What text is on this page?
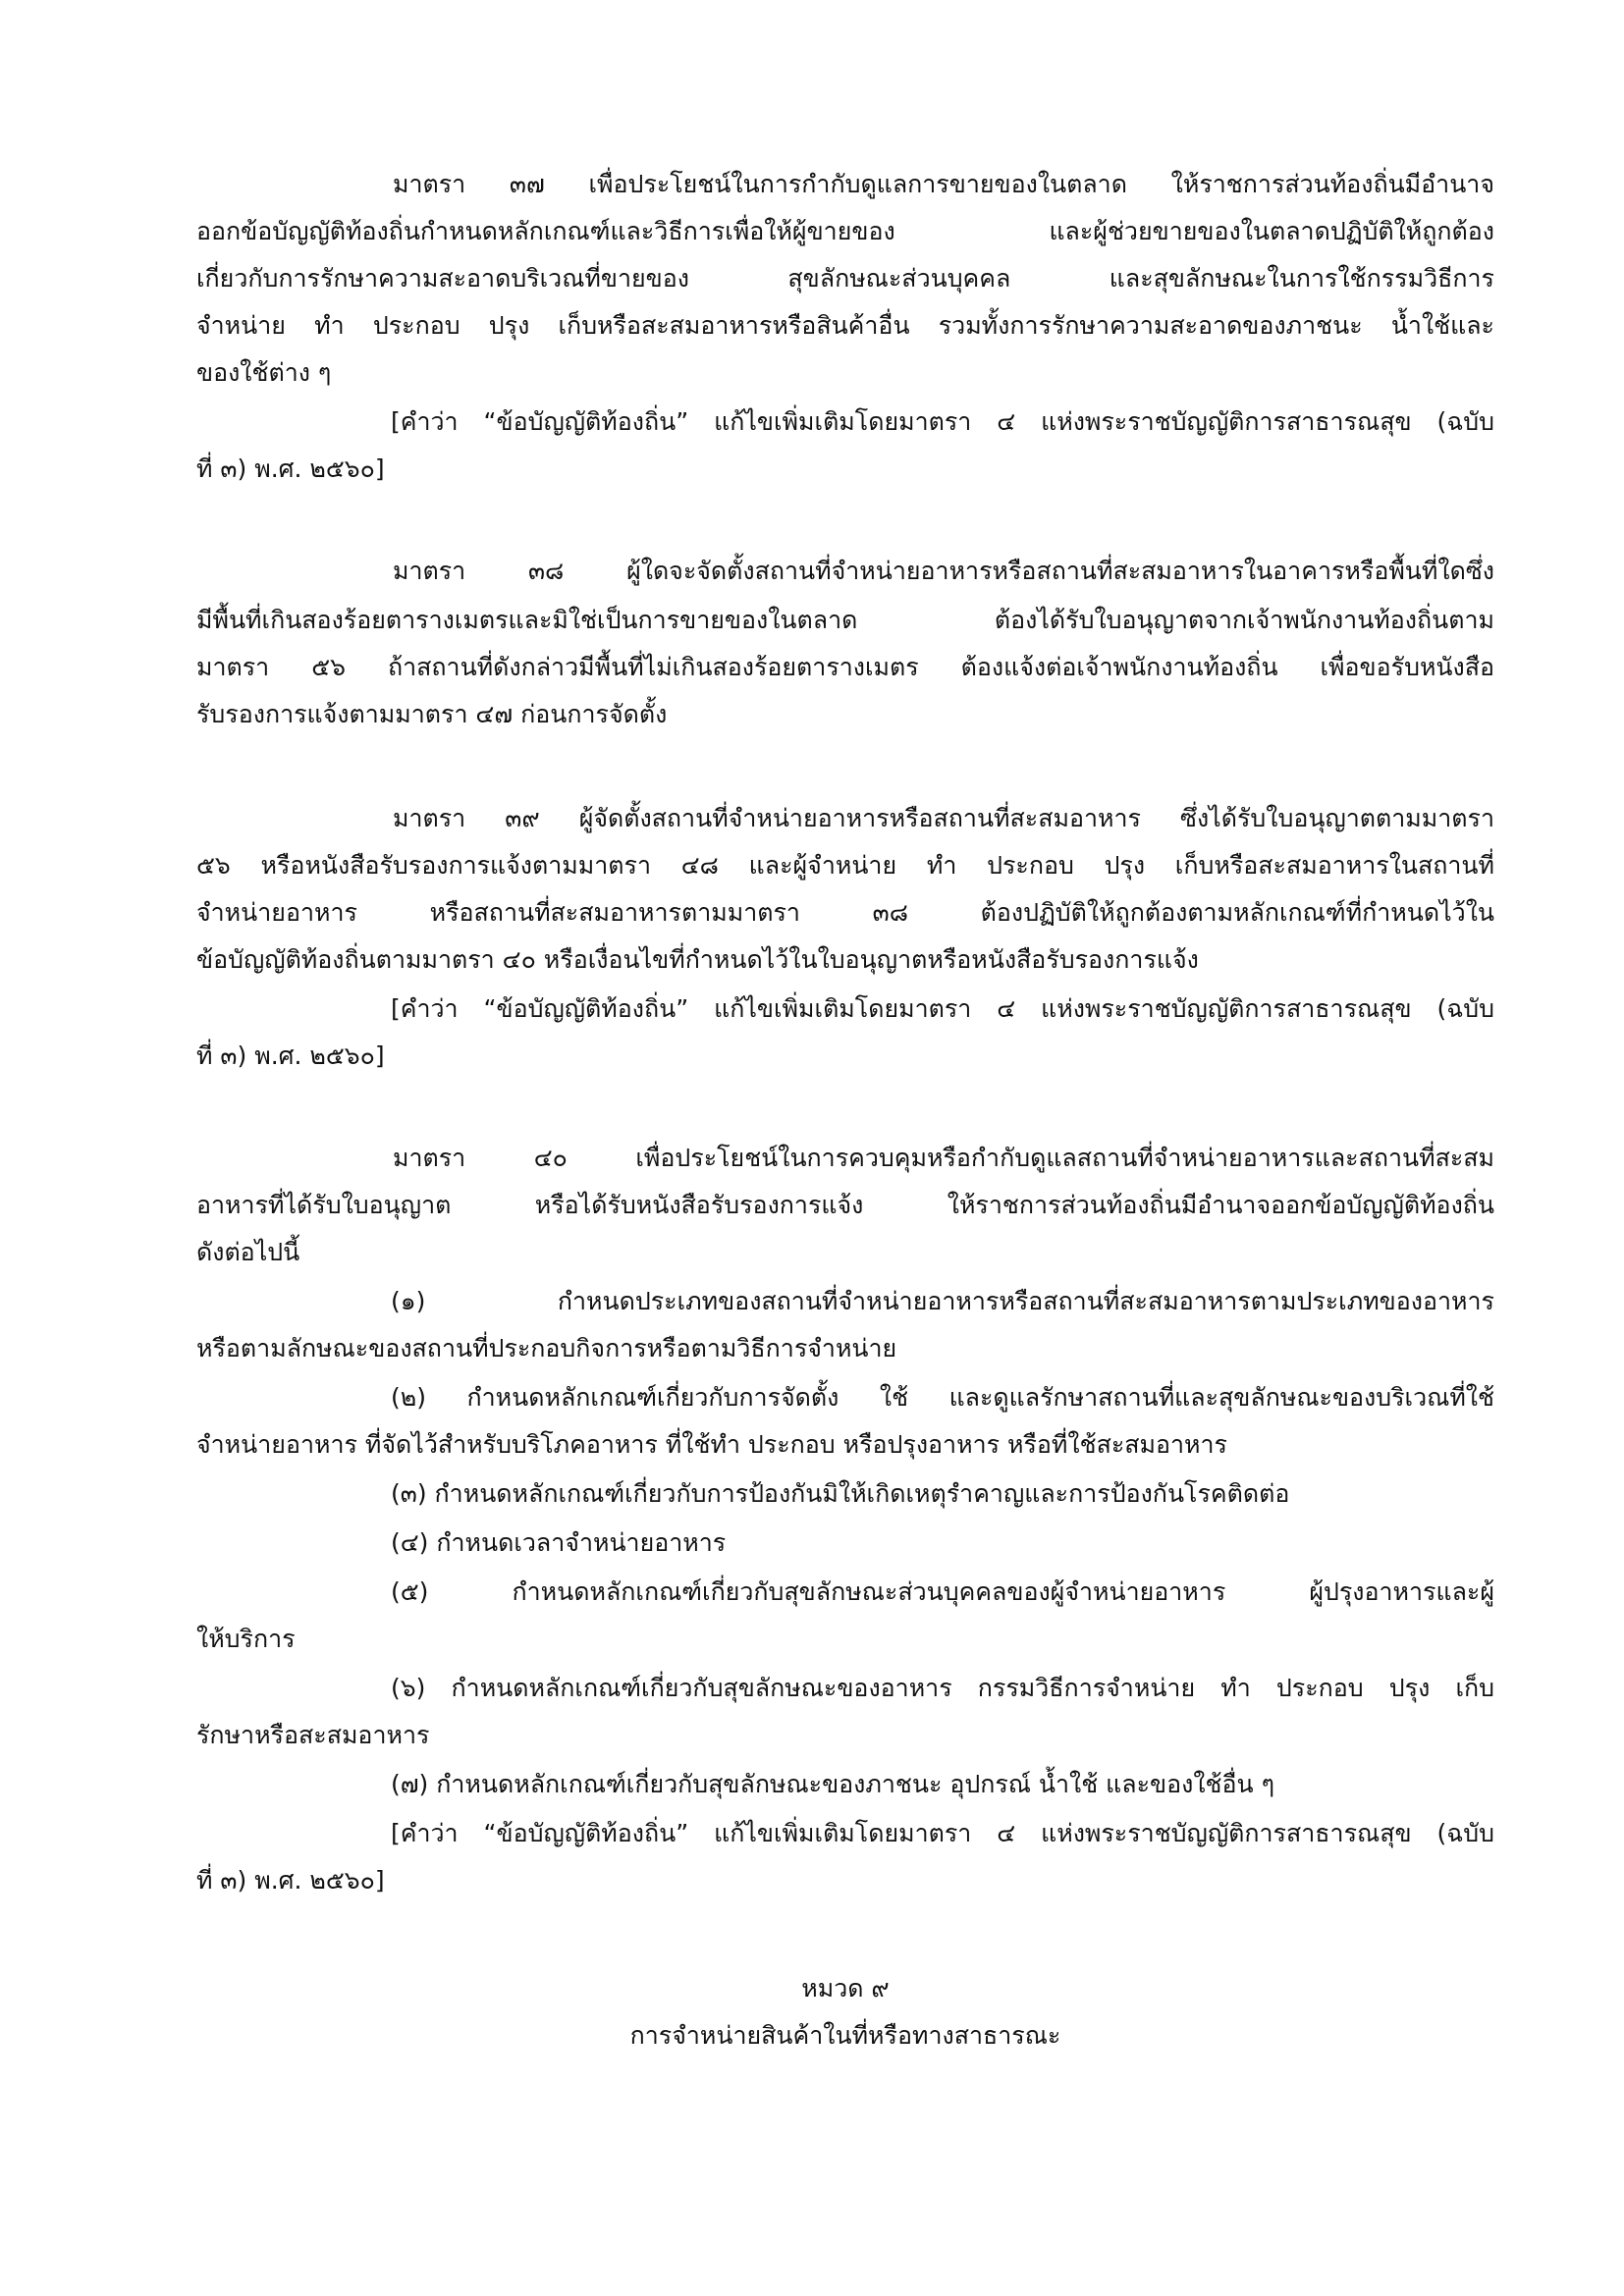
มาตรา ๓๗ เพื่อประโยชน์ในการกำกับดูแลการขายของในตลาด ให้ราชการส่วนท้องถิ่นมีอำนาจ
ออกข้อบัญญัติท้องถิ่นกำหนดหลักเกณฑ์และวิธีการเพื่อให้ผู้ขายของ และผู้ช่วยขายของในตลาดปฏิบัติให้ถูกต้อง
เกี่ยวกับการรักษาความสะอาดบริเวณที่ขายของ สุขลักษณะส่วนบุคคล และสุขลักษณะในการใช้กรรมวิธีการ
จำหน่าย ทำ ประกอบ ปรุง เก็บหรือสะสมอาหารหรือสินค้าอื่น รวมทั้งการรักษาความสะอาดของภาชนะ น้ำใช้และ
ของใช้ต่าง ๆ
[คำว่า “ข้อบัญญัติท้องถิ่น” แก้ไขเพิ่มเติมโดยมาตรา ๔ แห่งพระราชบัญญัติการสาธารณสุข (ฉบับ
ที่ ๓) พ.ศ. ๒๕๖๐]
มาตรา ๓๘ ผู้ใดจะจัดตั้งสถานที่จำหน่ายอาหารหรือสถานที่สะสมอาหารในอาคารหรือพื้นที่ใดซึ่ง
มีพื้นที่เกินสองร้อยตารางเมตรและมิใช่เป็นการขายของในตลาด ต้องได้รับใบอนุญาตจากเจ้าพนักงานท้องถิ่นตาม
มาตรา ๕๖ ถ้าสถานที่ดังกล่าวมีพื้นที่ไม่เกินสองร้อยตารางเมตร ต้องแจ้งต่อเจ้าพนักงานท้องถิ่น เพื่อขอรับหนังสือ
รับรองการแจ้งตามมาตรา ๔๗ ก่อนการจัดตั้ง
มาตรา ๓๙ ผู้จัดตั้งสถานที่จำหน่ายอาหารหรือสถานที่สะสมอาหาร ซึ่งได้รับใบอนุญาตตามมาตรา
๕๖ หรือหนังสือรับรองการแจ้งตามมาตรา ๔๘ และผู้จำหน่าย ทำ ประกอบ ปรุง เก็บหรือสะสมอาหารในสถานที่
จำหน่ายอาหาร หรือสถานที่สะสมอาหารตามมาตรา ๓๘ ต้องปฏิบัติให้ถูกต้องตามหลักเกณฑ์ที่กำหนดไว้ใน
ข้อบัญญัติท้องถิ่นตามมาตรา ๔๐ หรือเงื่อนไขที่กำหนดไว้ในใบอนุญาตหรือหนังสือรับรองการแจ้ง
[คำว่า “ข้อบัญญัติท้องถิ่น” แก้ไขเพิ่มเติมโดยมาตรา ๔ แห่งพระราชบัญญัติการสาธารณสุข (ฉบับ
ที่ ๓) พ.ศ. ๒๕๖๐]
มาตรา ๔๐ เพื่อประโยชน์ในการควบคุมหรือกำกับดูแลสถานที่จำหน่ายอาหารและสถานที่สะสม
อาหารที่ได้รับใบอนุญาต หรือได้รับหนังสือรับรองการแจ้ง ให้ราชการส่วนท้องถิ่นมีอำนาจออกข้อบัญญัติท้องถิ่น
ดังต่อไปนี้
(๑) กำหนดประเภทของสถานที่จำหน่ายอาหารหรือสถานที่สะสมอาหารตามประเภทของอาหาร
หรือตามลักษณะของสถานที่ประกอบกิจการหรือตามวิธีการจำหน่าย
(๒) กำหนดหลักเกณฑ์เกี่ยวกับการจัดตั้ง ใช้ และดูแลรักษาสถานที่และสุขลักษณะของบริเวณที่ใช้
จำหน่ายอาหาร ที่จัดไว้สำหรับบริโภคอาหาร ที่ใช้ทำ ประกอบ หรือปรุงอาหาร หรือที่ใช้สะสมอาหาร
(๓) กำหนดหลักเกณฑ์เกี่ยวกับการป้องกันมิให้เกิดเหตุรำคาญและการป้องกันโรคติดต่อ
(๔) กำหนดเวลาจำหน่ายอาหาร
(๕) กำหนดหลักเกณฑ์เกี่ยวกับสุขลักษณะส่วนบุคคลของผู้จำหน่ายอาหาร ผู้ปรุงอาหารและผู้
ให้บริการ
(๖) กำหนดหลักเกณฑ์เกี่ยวกับสุขลักษณะของอาหาร กรรมวิธีการจำหน่าย ทำ ประกอบ ปรุง เก็บ
รักษาหรือสะสมอาหาร
(๗) กำหนดหลักเกณฑ์เกี่ยวกับสุขลักษณะของภาชนะ อุปกรณ์ น้ำใช้ และของใช้อื่น ๆ
[คำว่า “ข้อบัญญัติท้องถิ่น” แก้ไขเพิ่มเติมโดยมาตรา ๔ แห่งพระราชบัญญัติการสาธารณสุข (ฉบับ
ที่ ๓) พ.ศ. ๒๕๖๐]
หมวด ๙
การจำหน่ายสินค้าในที่หรือทางสาธารณะ
